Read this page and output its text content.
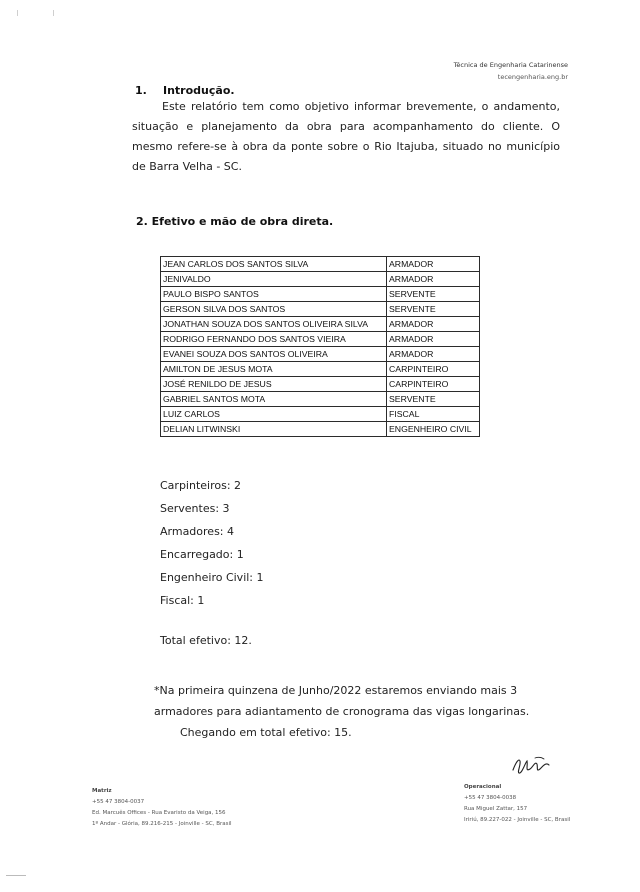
Técnica de Engenharia Catarinense
tecengenharia.eng.br
1. Introdução.

Este relatório tem como objetivo informar brevemente, o andamento, situação e planejamento da obra para acompanhamento do cliente. O mesmo refere-se à obra da ponte sobre o Rio Itajuba, situado no município de Barra Velha - SC.

2. Efetivo e mão de obra direta.
JEAN CARLOS DOS SANTOS SILVA	ARMADOR
JENIVALDO	ARMADOR
PAULO BISPO SANTOS	SERVENTE
GERSON SILVA DOS SANTOS	SERVENTE
JONATHAN SOUZA DOS SANTOS OLIVEIRA SILVA	ARMADOR
RODRIGO FERNANDO DOS SANTOS VIEIRA	ARMADOR
EVANEI SOUZA DOS SANTOS OLIVEIRA	ARMADOR
AMILTON DE JESUS MOTA	CARPINTEIRO
JOSÉ RENILDO DE JESUS	CARPINTEIRO
GABRIEL SANTOS MOTA	SERVENTE
LUIZ CARLOS	FISCAL
DELIAN LITWINSKI	ENGENHEIRO CIVIL
Carpinteiros: 2
Serventes: 3
Armadores: 4
Encarregado: 1
Engenheiro Civil: 1
Fiscal: 1
Total efetivo: 12.
*Na primeira quinzena de Junho/2022 estaremos enviando mais 3
armadores para adiantamento de cronograma das vigas longarinas.
Chegando em total efetivo: 15.
Matriz
+55 47 3804-0037
Ed. Marcuês Offices - Rua Evaristo da Veiga, 156
1º Andar - Glória, 89.216-215 - Joinville - SC, Brasil
Operacional
+55 47 3804-0038
Rua Miguel Zattar, 157
Iririú, 89.227-022 - Joinville - SC, Brasil
